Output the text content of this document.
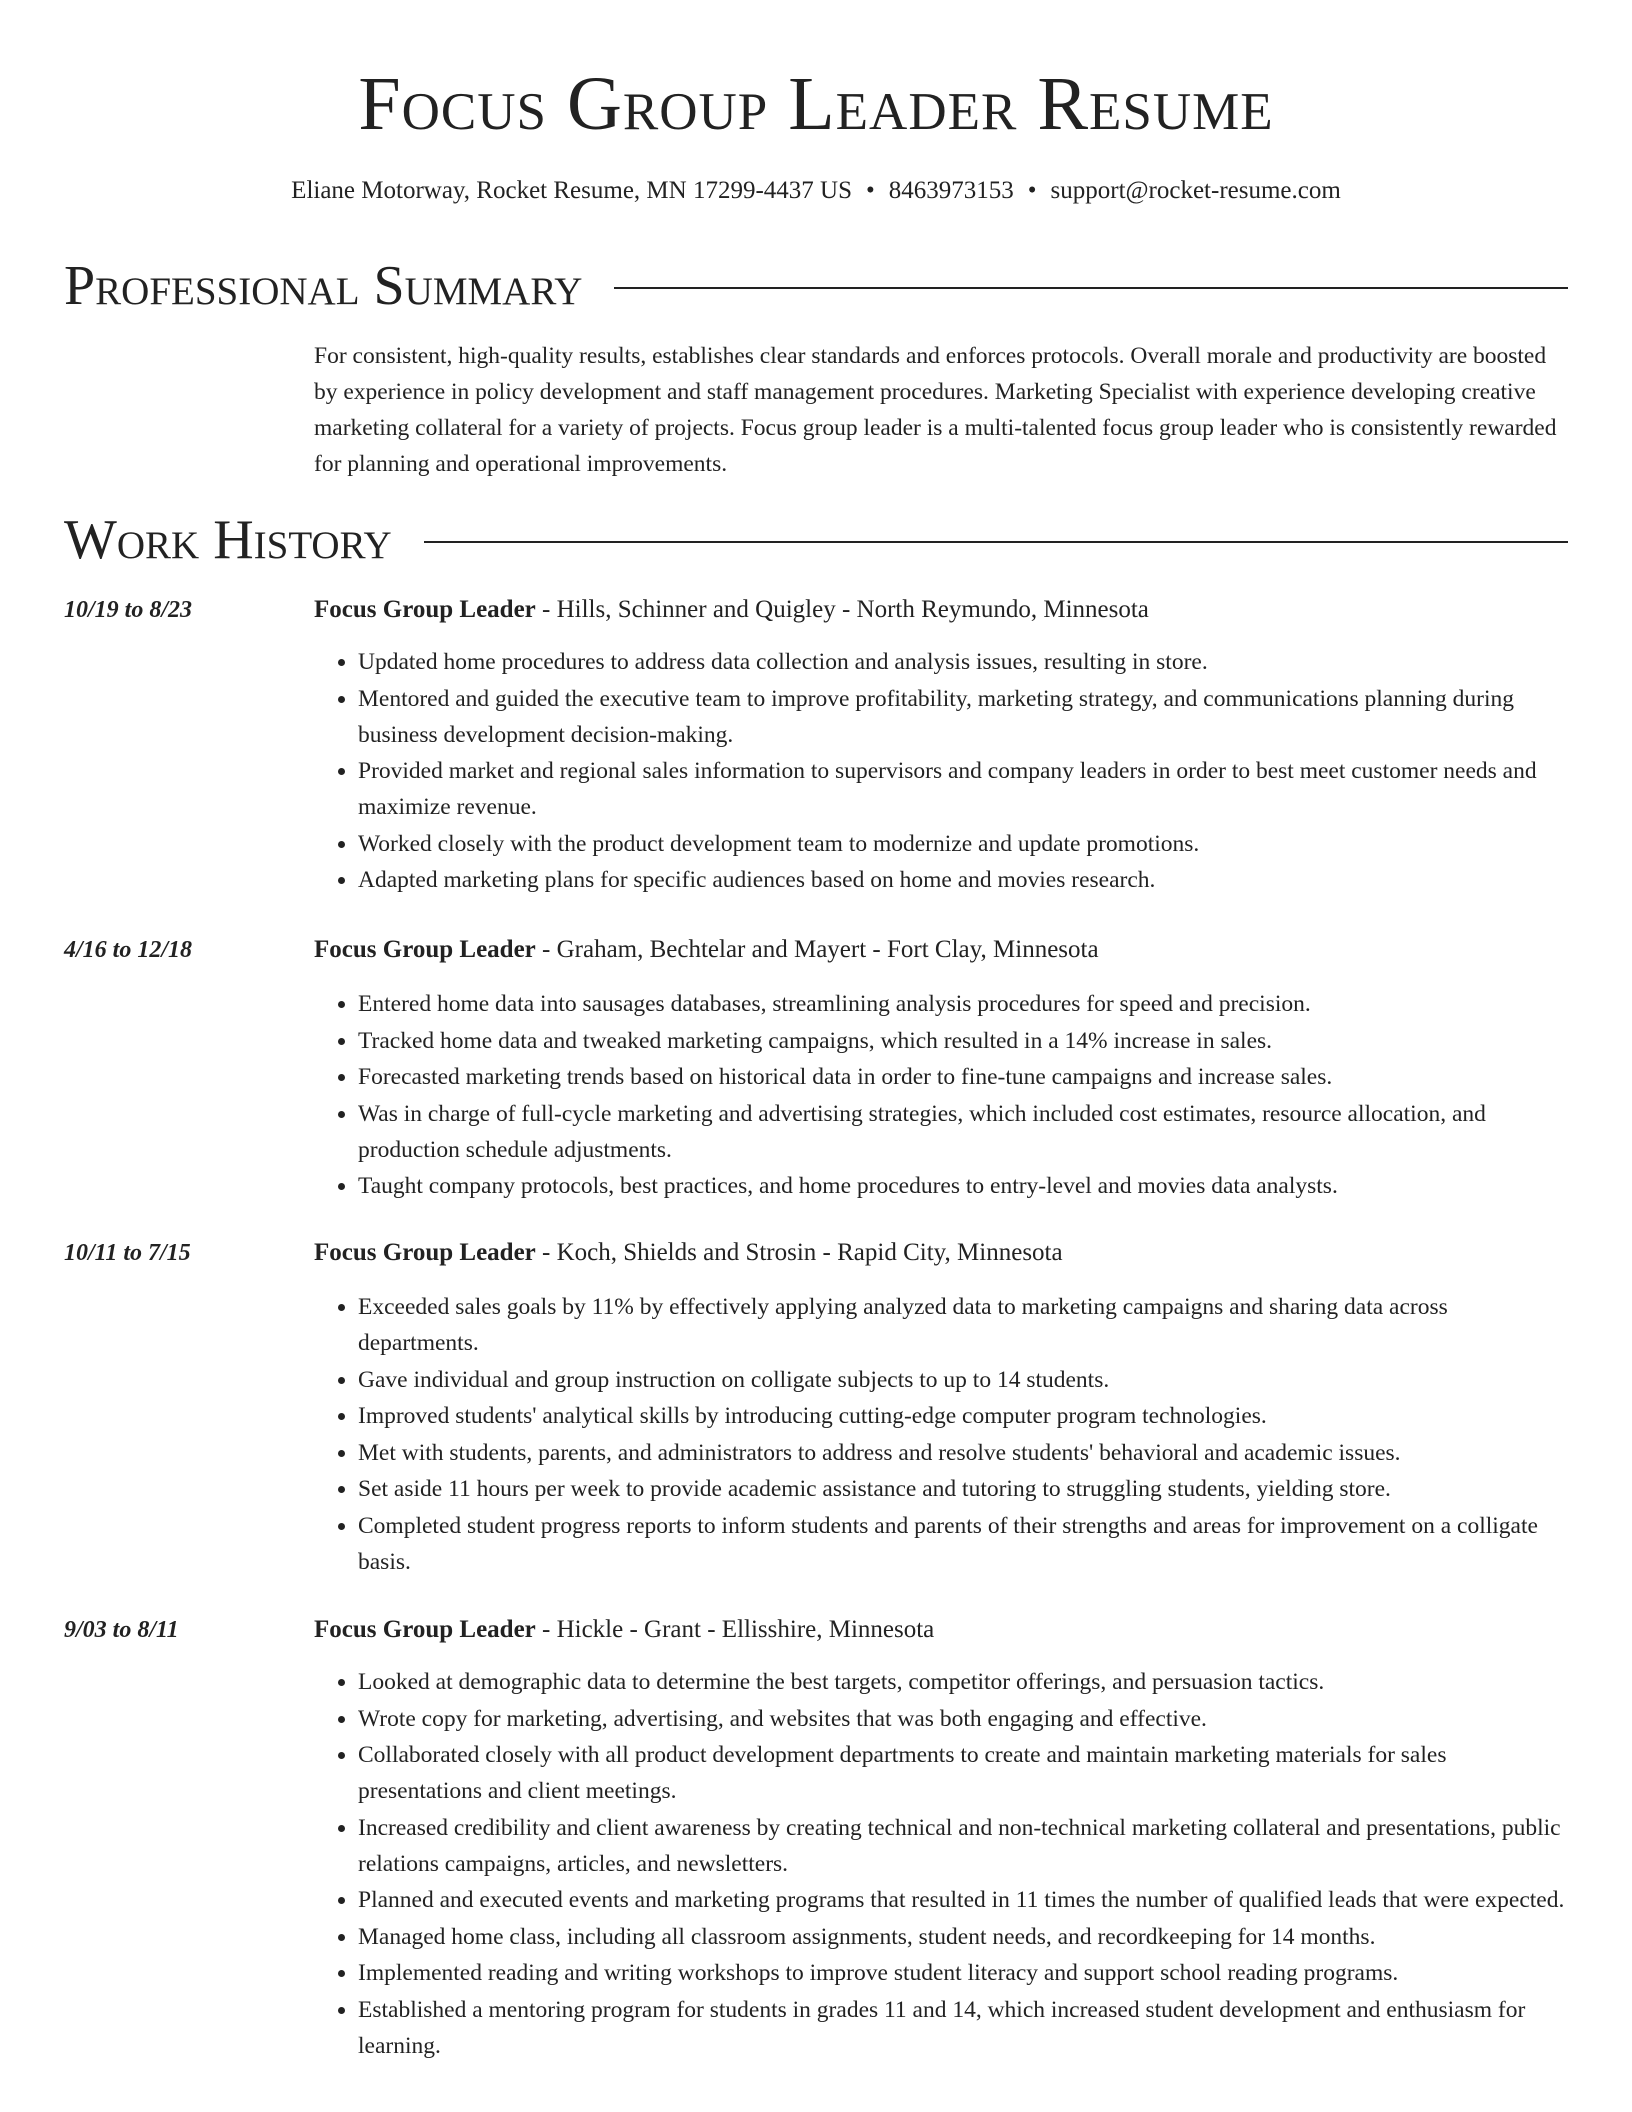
Focus Group Leader Resume
Eliane Motorway, Rocket Resume, MN 17299-4437 US • 8463973153 • support@rocket-resume.com
Professional Summary
For consistent, high-quality results, establishes clear standards and enforces protocols. Overall morale and productivity are boosted by experience in policy development and staff management procedures. Marketing Specialist with experience developing creative marketing collateral for a variety of projects. Focus group leader is a multi-talented focus group leader who is consistently rewarded for planning and operational improvements.
Work History
10/19 to 8/23	Focus Group Leader - Hills, Schinner and Quigley - North Reymundo, Minnesota
• Updated home procedures to address data collection and analysis issues, resulting in store.
• Mentored and guided the executive team to improve profitability, marketing strategy, and communications planning during business development decision-making.
• Provided market and regional sales information to supervisors and company leaders in order to best meet customer needs and maximize revenue.
• Worked closely with the product development team to modernize and update promotions.
• Adapted marketing plans for specific audiences based on home and movies research.
4/16 to 12/18	Focus Group Leader - Graham, Bechtelar and Mayert - Fort Clay, Minnesota
• Entered home data into sausages databases, streamlining analysis procedures for speed and precision.
• Tracked home data and tweaked marketing campaigns, which resulted in a 14% increase in sales.
• Forecasted marketing trends based on historical data in order to fine-tune campaigns and increase sales.
• Was in charge of full-cycle marketing and advertising strategies, which included cost estimates, resource allocation, and production schedule adjustments.
• Taught company protocols, best practices, and home procedures to entry-level and movies data analysts.
10/11 to 7/15	Focus Group Leader - Koch, Shields and Strosin - Rapid City, Minnesota
• Exceeded sales goals by 11% by effectively applying analyzed data to marketing campaigns and sharing data across departments.
• Gave individual and group instruction on colligate subjects to up to 14 students.
• Improved students' analytical skills by introducing cutting-edge computer program technologies.
• Met with students, parents, and administrators to address and resolve students' behavioral and academic issues.
• Set aside 11 hours per week to provide academic assistance and tutoring to struggling students, yielding store.
• Completed student progress reports to inform students and parents of their strengths and areas for improvement on a colligate basis.
9/03 to 8/11	Focus Group Leader - Hickle - Grant - Ellisshire, Minnesota
• Looked at demographic data to determine the best targets, competitor offerings, and persuasion tactics.
• Wrote copy for marketing, advertising, and websites that was both engaging and effective.
• Collaborated closely with all product development departments to create and maintain marketing materials for sales presentations and client meetings.
• Increased credibility and client awareness by creating technical and non-technical marketing collateral and presentations, public relations campaigns, articles, and newsletters.
• Planned and executed events and marketing programs that resulted in 11 times the number of qualified leads that were expected.
• Managed home class, including all classroom assignments, student needs, and recordkeeping for 14 months.
• Implemented reading and writing workshops to improve student literacy and support school reading programs.
• Established a mentoring program for students in grades 11 and 14, which increased student development and enthusiasm for learning.
